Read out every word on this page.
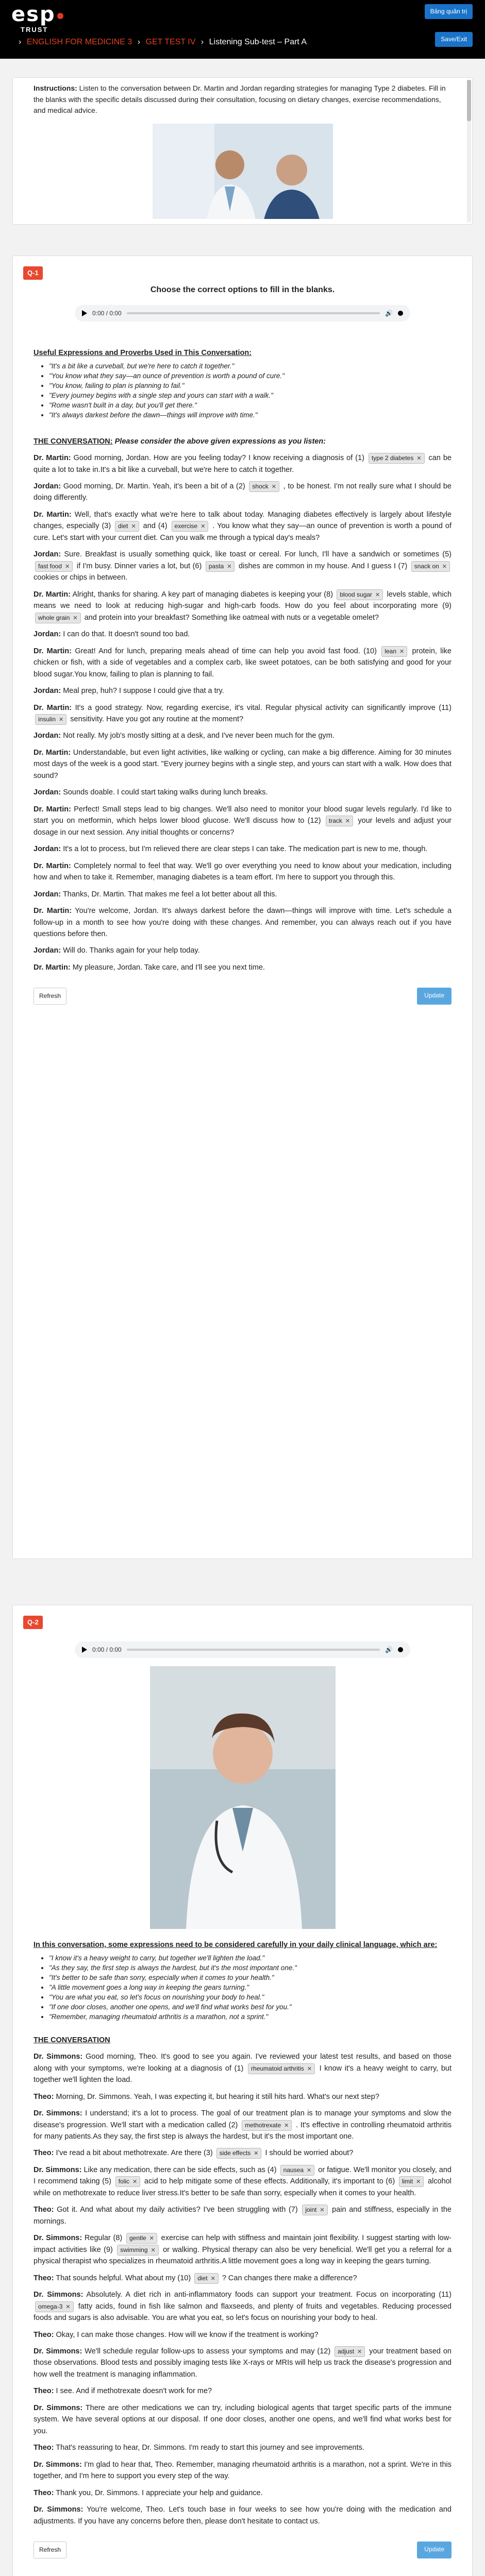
esp
TRUST
› ENGLISH FOR MEDICINE 3 › GET TEST IV › Listening Sub-test – Part A
Bảng quản trị
Save/Exit
Instructions: Listen to the conversation between Dr. Martin and Jordan regarding strategies for managing Type 2 diabetes. Fill in the blanks with the specific details discussed during their consultation, focusing on dietary changes, exercise recommendations, and medical advice.
Q-1
Choose the correct options to fill in the blanks.
0:00 / 0:00	🔊
Useful Expressions and Proverbs Used in This Conversation:
• "It's a bit like a curveball, but we're here to catch it together."
• "You know what they say—an ounce of prevention is worth a pound of cure."
• "You know, failing to plan is planning to fail."
• "Every journey begins with a single step and yours can start with a walk."
• "Rome wasn't built in a day, but you'll get there."
• "It's always darkest before the dawn—things will improve with time."
THE CONVERSATION: Please consider the above given expressions as you listen:
Dr. Martin: Good morning, Jordan. How are you feeling today? I know receiving a diagnosis of (1) type 2 diabetes ✕ can be quite a lot to take in.It's a bit like a curveball, but we're here to catch it together.
Jordan: Good morning, Dr. Martin. Yeah, it's been a bit of a (2) shock ✕ , to be honest. I'm not really sure what I should be doing differently.
Dr. Martin: Well, that's exactly what we're here to talk about today. Managing diabetes effectively is largely about lifestyle changes, especially (3) diet ✕ and (4) exercise ✕ . You know what they say—an ounce of prevention is worth a pound of cure. Let's start with your current diet. Can you walk me through a typical day's meals?
Jordan: Sure. Breakfast is usually something quick, like toast or cereal. For lunch, I'll have a sandwich or sometimes (5) fast food ✕ if I'm busy. Dinner varies a lot, but (6) pasta ✕ dishes are common in my house. And I guess I (7) snack on ✕ cookies or chips in between.
Dr. Martin: Alright, thanks for sharing. A key part of managing diabetes is keeping your (8) blood sugar ✕ levels stable, which means we need to look at reducing high-sugar and high-carb foods. How do you feel about incorporating more (9) whole grain ✕ and protein into your breakfast? Something like oatmeal with nuts or a vegetable omelet?
Jordan: I can do that. It doesn't sound too bad.
Dr. Martin: Great! And for lunch, preparing meals ahead of time can help you avoid fast food. (10) lean ✕ protein, like chicken or fish, with a side of vegetables and a complex carb, like sweet potatoes, can be both satisfying and good for your blood sugar.You know, failing to plan is planning to fail.
Jordan: Meal prep, huh? I suppose I could give that a try.
Dr. Martin: It's a good strategy. Now, regarding exercise, it's vital. Regular physical activity can significantly improve (11) insulin ✕ sensitivity. Have you got any routine at the moment?
Jordan: Not really. My job's mostly sitting at a desk, and I've never been much for the gym.
Dr. Martin: Understandable, but even light activities, like walking or cycling, can make a big difference. Aiming for 30 minutes most days of the week is a good start. "Every journey begins with a single step, and yours can start with a walk. How does that sound?
Jordan: Sounds doable. I could start taking walks during lunch breaks.
Dr. Martin: Perfect! Small steps lead to big changes. We'll also need to monitor your blood sugar levels regularly. I'd like to start you on metformin, which helps lower blood glucose. We'll discuss how to (12) track ✕ your levels and adjust your dosage in our next session. Any initial thoughts or concerns?
Jordan: It's a lot to process, but I'm relieved there are clear steps I can take. The medication part is new to me, though.
Dr. Martin: Completely normal to feel that way. We'll go over everything you need to know about your medication, including how and when to take it. Remember, managing diabetes is a team effort. I'm here to support you through this.
Jordan: Thanks, Dr. Martin. That makes me feel a lot better about all this.
Dr. Martin: You're welcome, Jordan. It's always darkest before the dawn—things will improve with time. Let's schedule a follow-up in a month to see how you're doing with these changes. And remember, you can always reach out if you have questions before then.
Jordan: Will do. Thanks again for your help today.
Dr. Martin: My pleasure, Jordan. Take care, and I'll see you next time.
Refresh	Update
Q-2
0:00 / 0:00	🔊
In this conversation, some expressions need to be considered carefully in your daily clinical language, which are:
• "I know it's a heavy weight to carry, but together we'll lighten the load."
• "As they say, the first step is always the hardest, but it's the most important one."
• "It's better to be safe than sorry, especially when it comes to your health."
• "A little movement goes a long way in keeping the gears turning."
• "You are what you eat, so let's focus on nourishing your body to heal."
• "If one door closes, another one opens, and we'll find what works best for you."
• "Remember, managing rheumatoid arthritis is a marathon, not a sprint."
THE CONVERSATION
Dr. Simmons: Good morning, Theo. It's good to see you again. I've reviewed your latest test results, and based on those along with your symptoms, we're looking at a diagnosis of (1) rheumatoid arthritis ✕ I know it's a heavy weight to carry, but together we'll lighten the load.
Theo: Morning, Dr. Simmons. Yeah, I was expecting it, but hearing it still hits hard. What's our next step?
Dr. Simmons: I understand; it's a lot to process. The goal of our treatment plan is to manage your symptoms and slow the disease's progression. We'll start with a medication called (2) methotrexate ✕ . It's effective in controlling rheumatoid arthritis for many patients.As they say, the first step is always the hardest, but it's the most important one.
Theo: I've read a bit about methotrexate. Are there (3) side effects ✕ I should be worried about?
Dr. Simmons: Like any medication, there can be side effects, such as (4) nausea ✕ or fatigue. We'll monitor you closely, and I recommend taking (5) folic ✕ acid to help mitigate some of these effects. Additionally, it's important to (6) limit ✕ alcohol while on methotrexate to reduce liver stress.It's better to be safe than sorry, especially when it comes to your health.
Theo: Got it. And what about my daily activities? I've been struggling with (7) joint ✕ pain and stiffness, especially in the mornings.
Dr. Simmons: Regular (8) gentle ✕ exercise can help with stiffness and maintain joint flexibility. I suggest starting with low-impact activities like (9) swimming ✕ or walking. Physical therapy can also be very beneficial. We'll get you a referral for a physical therapist who specializes in rheumatoid arthritis.A little movement goes a long way in keeping the gears turning.
Theo: That sounds helpful. What about my (10) diet ✕ ? Can changes there make a difference?
Dr. Simmons: Absolutely. A diet rich in anti-inflammatory foods can support your treatment. Focus on incorporating (11) omega-3 ✕ fatty acids, found in fish like salmon and flaxseeds, and plenty of fruits and vegetables. Reducing processed foods and sugars is also advisable. You are what you eat, so let's focus on nourishing your body to heal.
Theo: Okay, I can make those changes. How will we know if the treatment is working?
Dr. Simmons: We'll schedule regular follow-ups to assess your symptoms and may (12) adjust ✕ your treatment based on those observations. Blood tests and possibly imaging tests like X-rays or MRIs will help us track the disease's progression and how well the treatment is managing inflammation.
Theo: I see. And if methotrexate doesn't work for me?
Dr. Simmons: There are other medications we can try, including biological agents that target specific parts of the immune system. We have several options at our disposal. If one door closes, another one opens, and we'll find what works best for you.
Theo: That's reassuring to hear, Dr. Simmons. I'm ready to start this journey and see improvements.
Dr. Simmons: I'm glad to hear that, Theo. Remember, managing rheumatoid arthritis is a marathon, not a sprint. We're in this together, and I'm here to support you every step of the way.
Theo: Thank you, Dr. Simmons. I appreciate your help and guidance.
Dr. Simmons: You're welcome, Theo. Let's touch base in four weeks to see how you're doing with the medication and adjustments. If you have any concerns before then, please don't hesitate to contact us.
Refresh	Update
